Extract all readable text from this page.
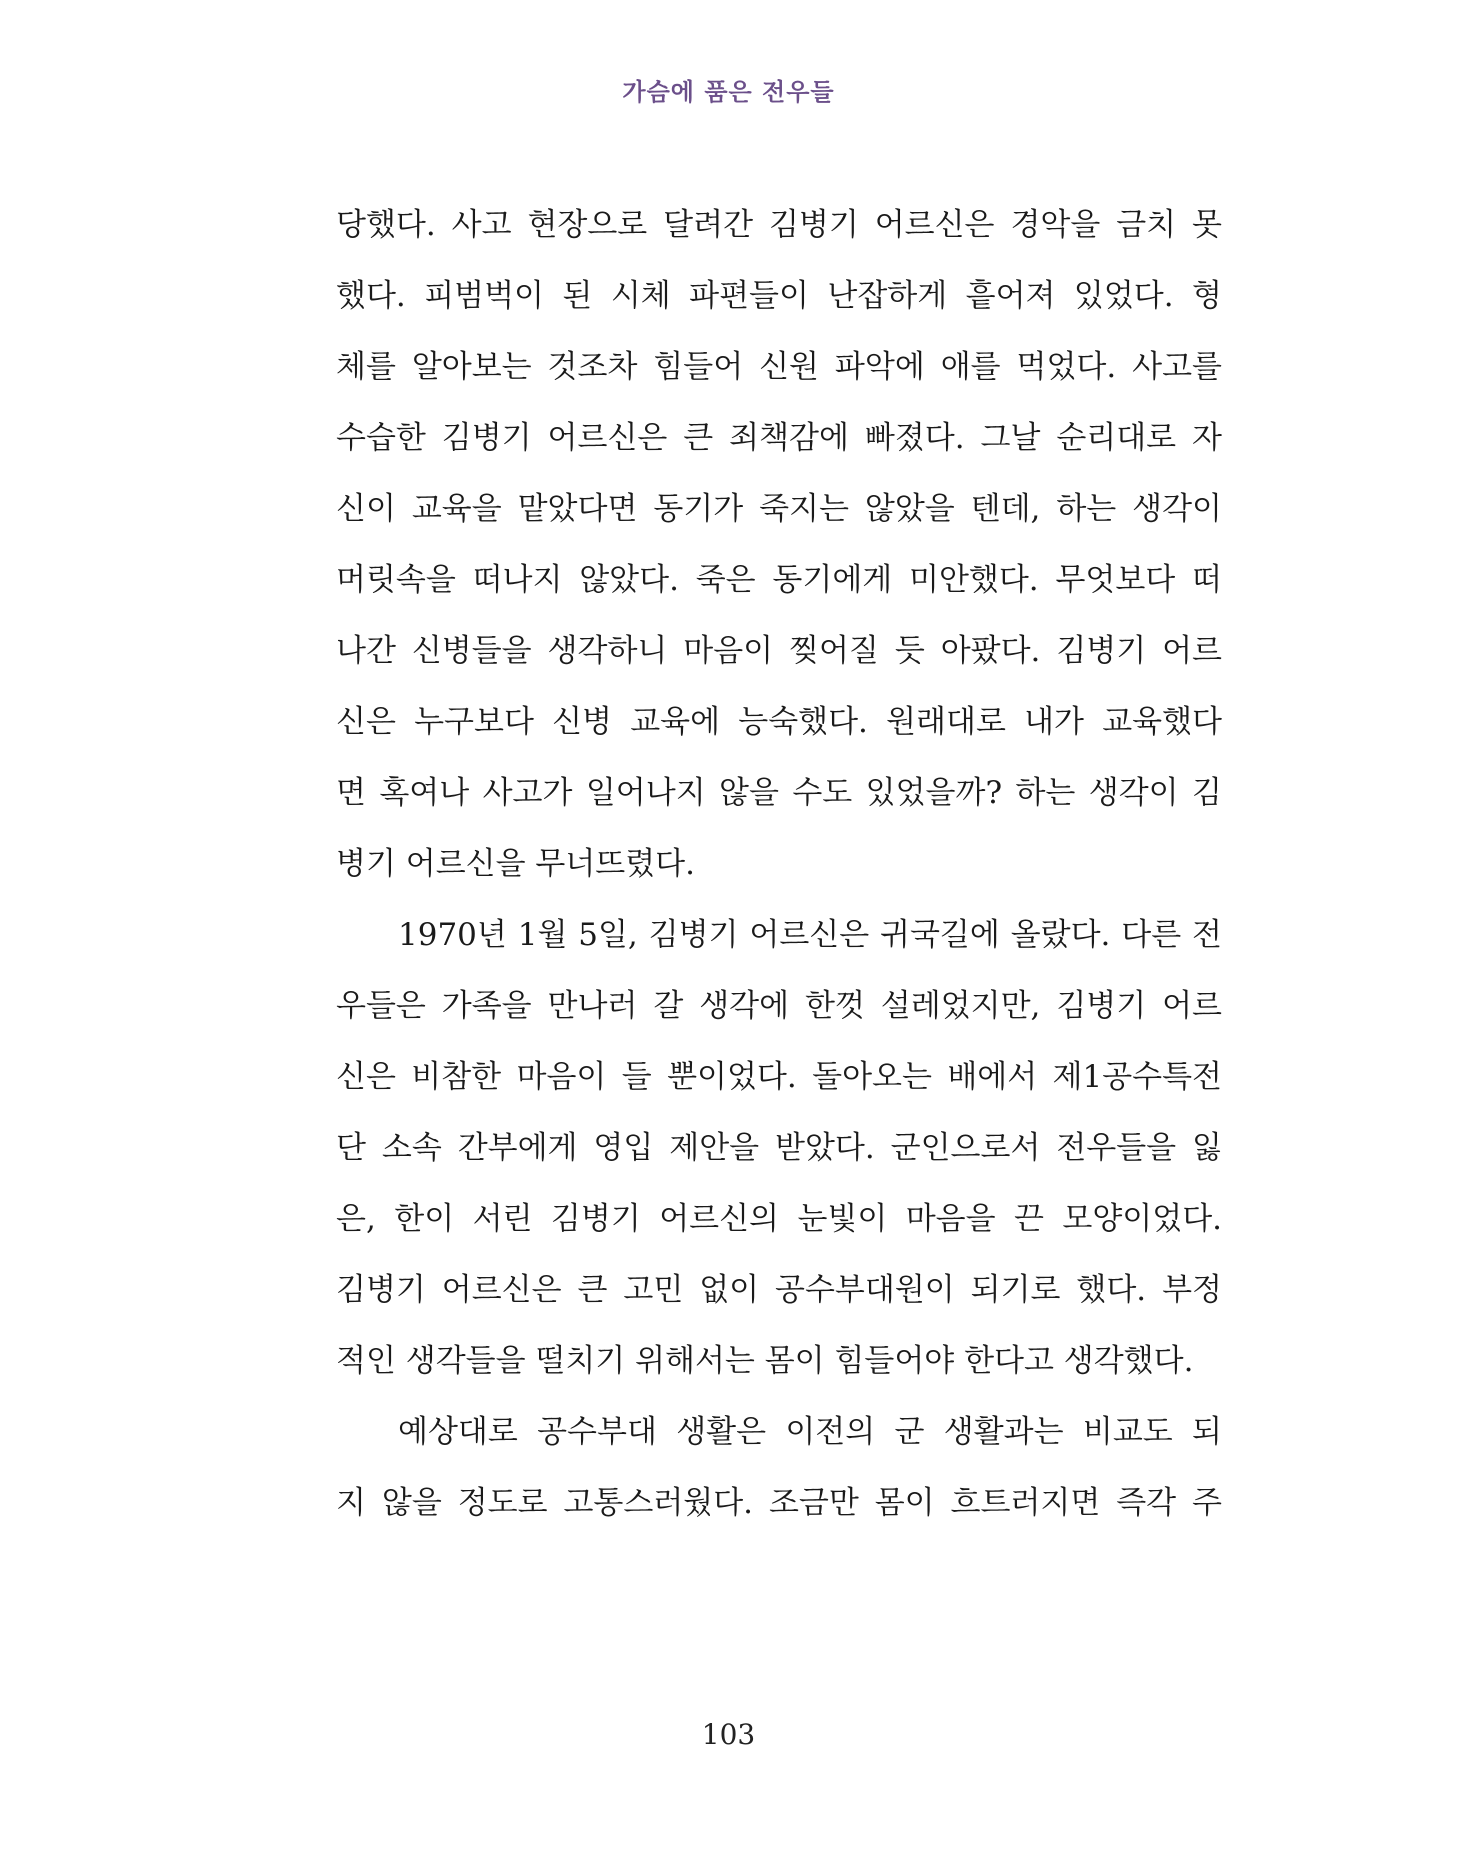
가슴에 품은 전우들
당했다. 사고 현장으로 달려간 김병기 어르신은 경악을 금치 못
했다. 피범벅이 된 시체 파편들이 난잡하게 흩어져 있었다. 형
체를 알아보는 것조차 힘들어 신원 파악에 애를 먹었다. 사고를
수습한 김병기 어르신은 큰 죄책감에 빠졌다. 그날 순리대로 자
신이 교육을 맡았다면 동기가 죽지는 않았을 텐데, 하는 생각이
머릿속을 떠나지 않았다. 죽은 동기에게 미안했다. 무엇보다 떠
나간 신병들을 생각하니 마음이 찢어질 듯 아팠다. 김병기 어르
신은 누구보다 신병 교육에 능숙했다. 원래대로 내가 교육했다
면 혹여나 사고가 일어나지 않을 수도 있었을까? 하는 생각이 김
병기 어르신을 무너뜨렸다.
1970년 1월 5일, 김병기 어르신은 귀국길에 올랐다. 다른 전
우들은 가족을 만나러 갈 생각에 한껏 설레었지만, 김병기 어르
신은 비참한 마음이 들 뿐이었다. 돌아오는 배에서 제1공수특전
단 소속 간부에게 영입 제안을 받았다. 군인으로서 전우들을 잃
은, 한이 서린 김병기 어르신의 눈빛이 마음을 끈 모양이었다.
김병기 어르신은 큰 고민 없이 공수부대원이 되기로 했다. 부정
적인 생각들을 떨치기 위해서는 몸이 힘들어야 한다고 생각했다.
예상대로 공수부대 생활은 이전의 군 생활과는 비교도 되
지 않을 정도로 고통스러웠다. 조금만 몸이 흐트러지면 즉각 주
103
